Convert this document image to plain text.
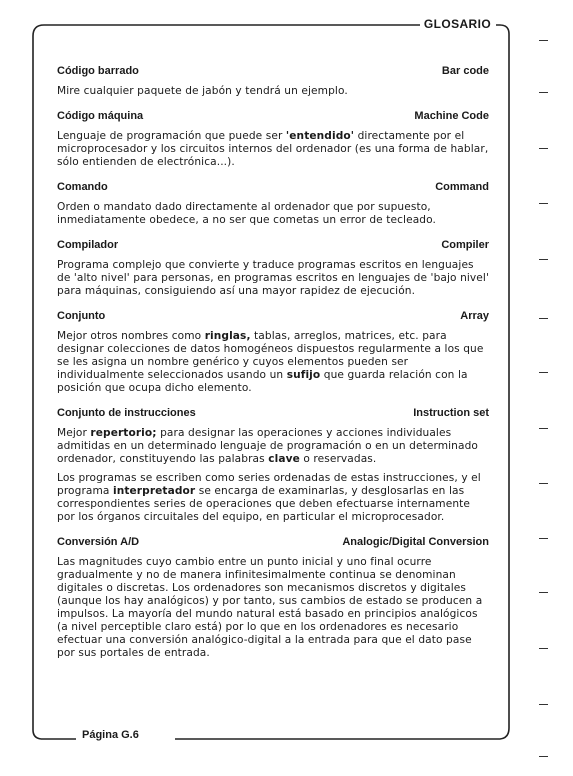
GLOSARIO
Código barrado	Bar code

Mire cualquier paquete de jabón y tendrá un ejemplo.

Código máquina	Machine Code

Lenguaje de programación que puede ser 'entendido' directamente por el microprocesador y los circuitos internos del ordenador (es una forma de hablar, sólo entienden de electrónica...).

Comando	Command

Orden o mandato dado directamente al ordenador que por supuesto, inmediatamente obedece, a no ser que cometas un error de tecleado.

Compilador	Compiler

Programa complejo que convierte y traduce programas escritos en lenguajes de 'alto nivel' para personas, en programas escritos en lenguajes de 'bajo nivel' para máquinas, consiguiendo así una mayor rapidez de ejecución.

Conjunto	Array

Mejor otros nombres como ringlas, tablas, arreglos, matrices, etc. para designar colecciones de datos homogéneos dispuestos regularmente a los que se les asigna un nombre genérico y cuyos elementos pueden ser individualmente seleccionados usando un sufijo que guarda relación con la posición que ocupa dicho elemento.

Conjunto de instrucciones	Instruction set

Mejor repertorio; para designar las operaciones y acciones individuales admitidas en un determinado lenguaje de programación o en un determinado ordenador, constituyendo las palabras clave o reservadas.

Los programas se escriben como series ordenadas de estas instrucciones, y el programa interpretador se encarga de examinarlas, y desglosarlas en las correspondientes series de operaciones que deben efectuarse internamente por los órganos circuitales del equipo, en particular el microprocesador.

Conversión A/D	Analogic/Digital Conversion

Las magnitudes cuyo cambio entre un punto inicial y uno final ocurre gradualmente y no de manera infinitesimalmente continua se denominan digitales o discretas. Los ordenadores son mecanismos discretos y digitales (aunque los hay analógicos) y por tanto, sus cambios de estado se producen a impulsos. La mayoría del mundo natural está basado en principios analógicos (a nivel perceptible claro está) por lo que en los ordenadores es necesario efectuar una conversión analógico-digital a la entrada para que el dato pase por sus portales de entrada.

Página G.6
